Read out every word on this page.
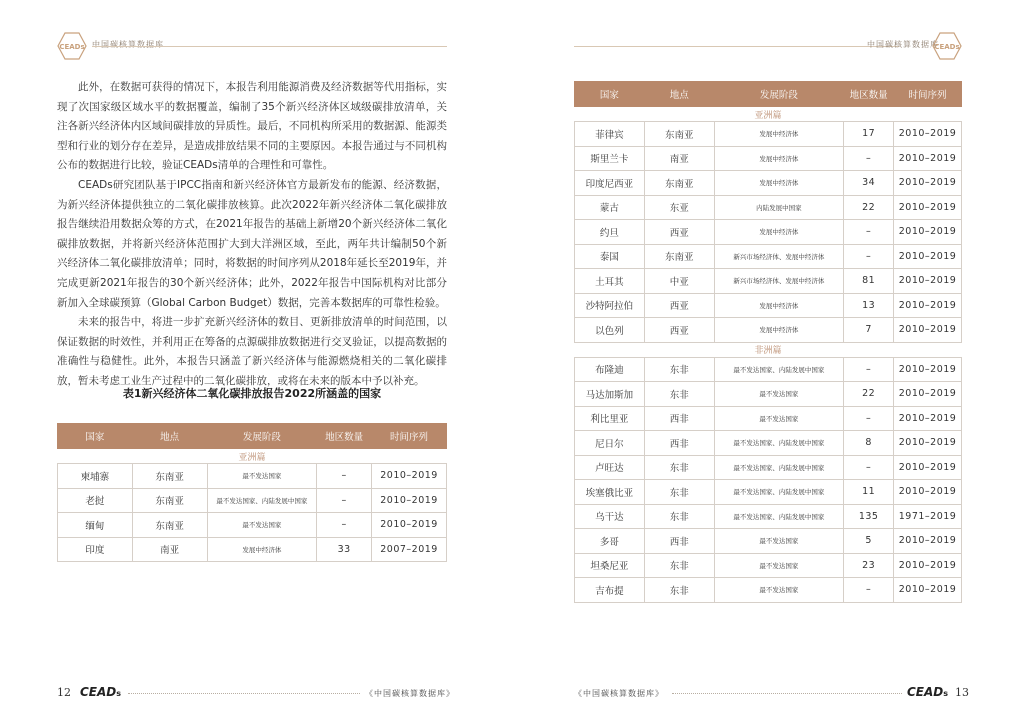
CEADs 中国碳核算数据库

此外，在数据可获得的情况下，本报告利用能源消费及经济数据等代用指标，实现了次国家级区域水平的数据覆盖，编制了35个新兴经济体区域级碳排放清单，关注各新兴经济体内区域间碳排放的异质性。最后，不同机构所采用的数据源、能源类型和行业的划分存在差异，是造成排放结果不同的主要原因。本报告通过与不同机构公布的数据进行比较，验证CEADs清单的合理性和可靠性。

CEADs研究团队基于IPCC指南和新兴经济体官方最新发布的能源、经济数据，为新兴经济体提供独立的二氧化碳排放核算。此次2022年新兴经济体二氧化碳排放报告继续沿用数据众筹的方式，在2021年报告的基础上新增20个新兴经济体二氧化碳排放数据，并将新兴经济体范围扩大到大洋洲区域，至此，两年共计编制50个新兴经济体二氧化碳排放清单；同时，将数据的时间序列从2018年延长至2019年，并完成更新2021年报告的30个新兴经济体；此外，2022年报告中国际机构对比部分新加入全球碳预算（Global Carbon Budget）数据，完善本数据库的可靠性检验。

未来的报告中，将进一步扩充新兴经济体的数目、更新排放清单的时间范围，以保证数据的时效性，并利用正在筹备的点源碳排放数据进行交叉验证，以提高数据的准确性与稳健性。此外，本报告只涵盖了新兴经济体与能源燃烧相关的二氧化碳排放，暂未考虑工业生产过程中的二氧化碳排放，或将在未来的版本中予以补充。

表1新兴经济体二氧化碳排放报告2022所涵盖的国家
国家	地点	发展阶段	地区数量	时间序列
亚洲篇				
柬埔寨	东南亚	最不发达国家	–	2010–2019
老挝	东南亚	最不发达国家、内陆发展中国家	–	2010–2019
缅甸	东南亚	最不发达国家	–	2010–2019
印度	南亚	发展中经济体	33	2007–2019
12 CEADs	《中国碳核算数据库》
中国碳核算数据库
CEADs
国家	地点	发展阶段	地区数量	时间序列
亚洲篇				
菲律宾	东南亚	发展中经济体	17	2010–2019
斯里兰卡	南亚	发展中经济体	–	2010–2019
印度尼西亚	东南亚	发展中经济体	34	2010–2019
蒙古	东亚	内陆发展中国家	22	2010–2019
约旦	西亚	发展中经济体	–	2010–2019
泰国	东南亚	新兴市场经济体、发展中经济体	–	2010–2019
土耳其	中亚	新兴市场经济体、发展中经济体	81	2010–2019
沙特阿拉伯	西亚	发展中经济体	13	2010–2019
以色列	西亚	发展中经济体	7	2010–2019
非洲篇				
布隆迪	东非	最不发达国家、内陆发展中国家	–	2010–2019
马达加斯加	东非	最不发达国家	22	2010–2019
利比里亚	西非	最不发达国家	–	2010–2019
尼日尔	西非	最不发达国家、内陆发展中国家	8	2010–2019
卢旺达	东非	最不发达国家、内陆发展中国家	–	2010–2019
埃塞俄比亚	东非	最不发达国家、内陆发展中国家	11	2010–2019
乌干达	东非	最不发达国家、内陆发展中国家	135	1971–2019
多哥	西非	最不发达国家	5	2010–2019
坦桑尼亚	东非	最不发达国家	23	2010–2019
吉布提	东非	最不发达国家	–	2010–2019
《中国碳核算数据库》	CEADs 13
